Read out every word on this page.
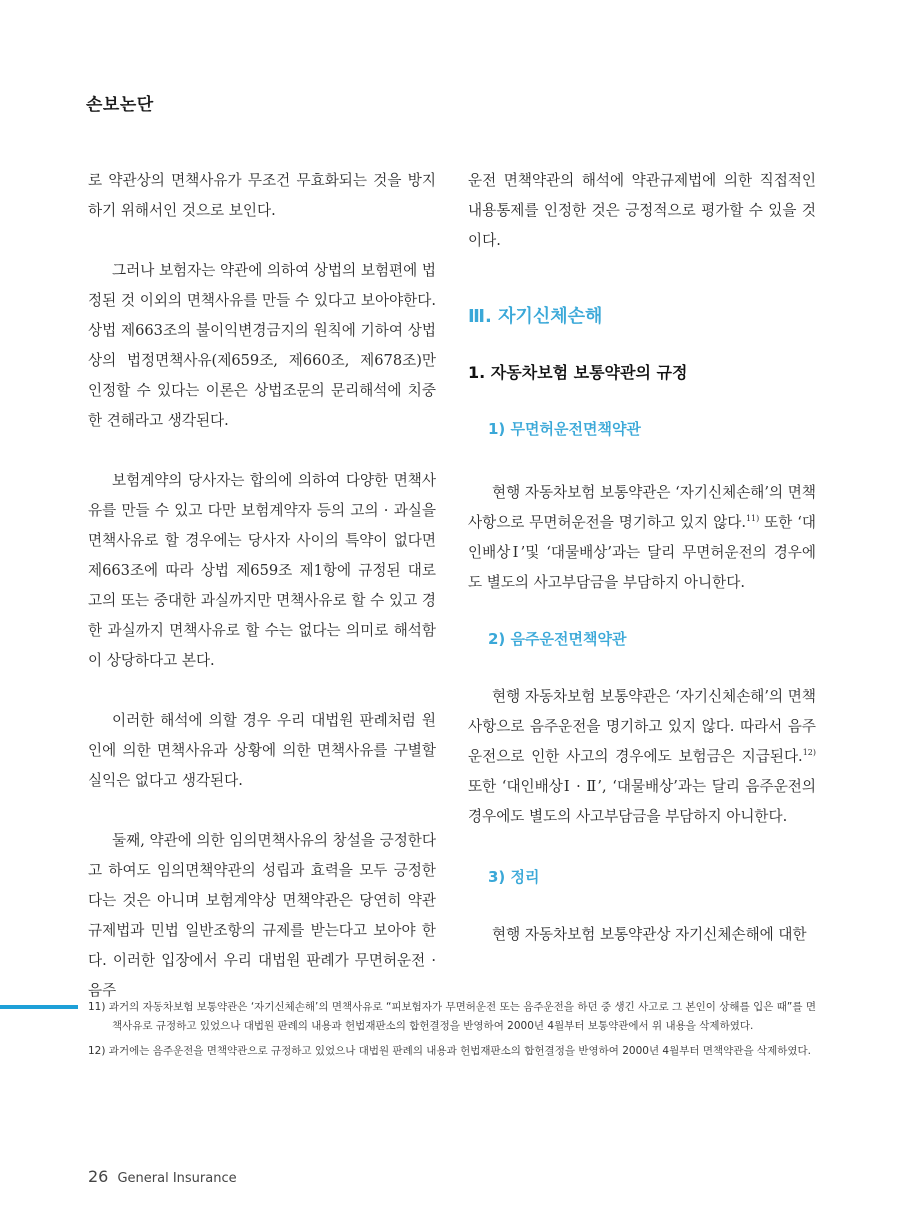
손보논단

로 약관상의 면책사유가 무조건 무효화되는 것을 방지하기 위해서인 것으로 보인다.

그러나 보험자는 약관에 의하여 상법의 보험편에 법정된 것 이외의 면책사유를 만들 수 있다고 보아야한다. 상법 제663조의 불이익변경금지의 원칙에 기하여 상법상의 법정면책사유(제659조, 제660조, 제678조)만 인정할 수 있다는 이론은 상법조문의 문리해석에 치중한 견해라고 생각된다.

보험계약의 당사자는 합의에 의하여 다양한 면책사유를 만들 수 있고 다만 보험계약자 등의 고의 · 과실을 면책사유로 할 경우에는 당사자 사이의 특약이 없다면 제663조에 따라 상법 제659조 제1항에 규정된 대로 고의 또는 중대한 과실까지만 면책사유로 할 수 있고 경한 과실까지 면책사유로 할 수는 없다는 의미로 해석함이 상당하다고 본다.

이러한 해석에 의할 경우 우리 대법원 판례처럼 원인에 의한 면책사유과 상황에 의한 면책사유를 구별할 실익은 없다고 생각된다.

둘째, 약관에 의한 임의면책사유의 창설을 긍정한다고 하여도 임의면책약관의 성립과 효력을 모두 긍정한다는 것은 아니며 보험계약상 면책약관은 당연히 약관규제법과 민법 일반조항의 규제를 받는다고 보아야 한다. 이러한 입장에서 우리 대법원 판례가 무면허운전 · 음주

운전 면책약관의 해석에 약관규제법에 의한 직접적인 내용통제를 인정한 것은 긍정적으로 평가할 수 있을 것이다.

Ⅲ. 자기신체손해

1. 자동차보험 보통약관의 규정

1) 무면허운전면책약관

현행 자동차보험 보통약관은 ‘자기신체손해’의 면책사항으로 무면허운전을 명기하고 있지 않다.$^{11)}$ 또한 ‘대인배상Ⅰ’및 ‘대물배상’과는 달리 무면허운전의 경우에도 별도의 사고부담금을 부담하지 아니한다.

2) 음주운전면책약관

현행 자동차보험 보통약관은 ‘자기신체손해’의 면책사항으로 음주운전을 명기하고 있지 않다. 따라서 음주운전으로 인한 사고의 경우에도 보험금은 지급된다.$^{12)}$ 또한 ‘대인배상Ⅰ · Ⅱ’, ‘대물배상’과는 달리 음주운전의 경우에도 별도의 사고부담금을 부담하지 아니한다.

3) 정리

현행 자동차보험 보통약관상 자기신체손해에 대한

11) 과거의 자동차보험 보통약관은 ‘자기신체손해’의 면책사유로 “피보험자가 무면허운전 또는 음주운전을 하던 중 생긴 사고로 그 본인이 상해를 입은 때”를 면책사유로 규정하고 있었으나 대법원 판례의 내용과 헌법재판소의 합헌결정을 반영하여 2000년 4월부터 보통약관에서 위 내용을 삭제하였다.

12) 과거에는 음주운전을 면책약관으로 규정하고 있었으나 대법원 판례의 내용과 헌법재판소의 합헌결정을 반영하여 2000년 4월부터 면책약관을 삭제하였다.

26 General Insurance
